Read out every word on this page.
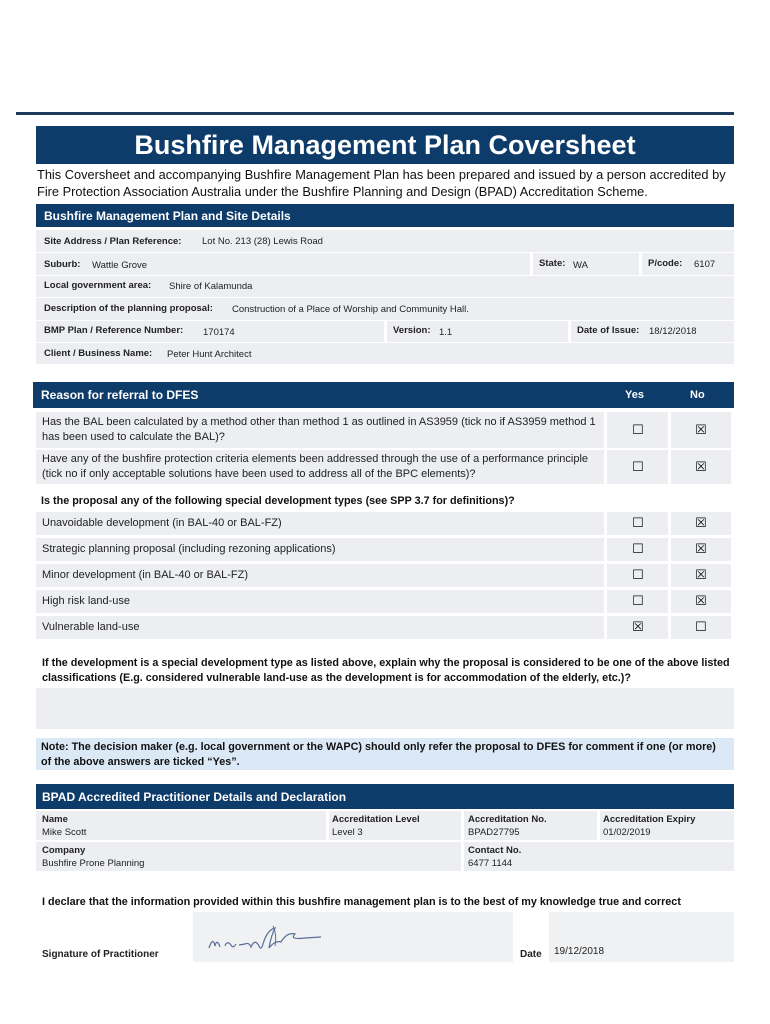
Bushfire Management Plan Coversheet
This Coversheet and accompanying Bushfire Management Plan has been prepared and issued by a person accredited by Fire Protection Association Australia under the Bushfire Planning and Design (BPAD) Accreditation Scheme.
Bushfire Management Plan and Site Details
Site Address / Plan Reference: Lot No. 213 (28) Lewis Road
Suburb: Wattle Grove	State: WA	P/code: 6107
Local government area: Shire of Kalamunda
Description of the planning proposal: Construction of a Place of Worship and Community Hall.
BMP Plan / Reference Number: 170174	Version: 1.1	Date of Issue: 18/12/2018
Client / Business Name: Peter Hunt Architect
Reason for referral to DFES	Yes	No
Has the BAL been calculated by a method other than method 1 as outlined in AS3959 (tick no if AS3959 method 1 has been used to calculate the BAL)?	☐	☒
Have any of the bushfire protection criteria elements been addressed through the use of a performance principle (tick no if only acceptable solutions have been used to address all of the BPC elements)?	☐	☒
Is the proposal any of the following special development types (see SPP 3.7 for definitions)?
Unavoidable development (in BAL-40 or BAL-FZ)	☐	☒
Strategic planning proposal (including rezoning applications)	☐	☒
Minor development (in BAL-40 or BAL-FZ)	☐	☒
High risk land-use	☐	☒
Vulnerable land-use	☒	☐
If the development is a special development type as listed above, explain why the proposal is considered to be one of the above listed classifications (E.g. considered vulnerable land-use as the development is for accommodation of the elderly, etc.)?
Note: The decision maker (e.g. local government or the WAPC) should only refer the proposal to DFES for comment if one (or more) of the above answers are ticked “Yes”.
BPAD Accredited Practitioner Details and Declaration
Name
Mike Scott
Accreditation Level
Level 3
Accreditation No.
BPAD27795
Accreditation Expiry
01/02/2019
Company
Bushfire Prone Planning
Contact No.
6477 1144
I declare that the information provided within this bushfire management plan is to the best of my knowledge true and correct
Signature of Practitioner	Date 19/12/2018
